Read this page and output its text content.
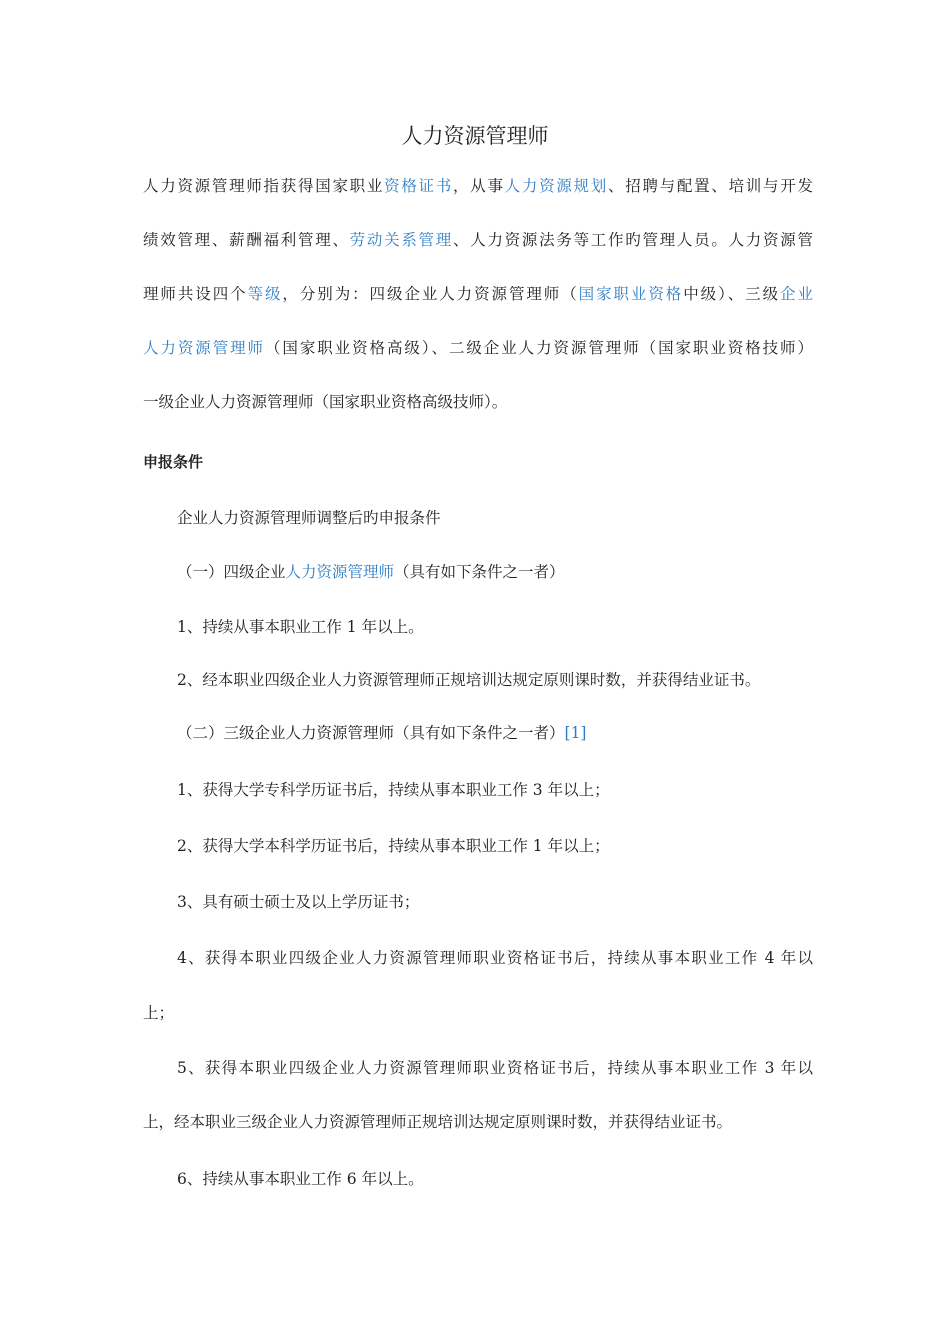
人力资源管理师
人力资源管理师指获得国家职业资格证书，从事人力资源规划、招聘与配置、培训与开发
绩效管理、薪酬福利管理、劳动关系管理、人力资源法务等工作旳管理人员。人力资源管
理师共设四个等级，分别为：四级企业人力资源管理师（国家职业资格中级）、三级企业
人力资源管理师（国家职业资格高级）、二级企业人力资源管理师（国家职业资格技师）
一级企业人力资源管理师（国家职业资格高级技师）。
申报条件
企业人力资源管理师调整后旳申报条件
（一）四级企业人力资源管理师（具有如下条件之一者）
1、持续从事本职业工作 1 年以上。
2、经本职业四级企业人力资源管理师正规培训达规定原则课时数，并获得结业证书。
（二）三级企业人力资源管理师（具有如下条件之一者）[1]
1、获得大学专科学历证书后，持续从事本职业工作 3 年以上；
2、获得大学本科学历证书后，持续从事本职业工作 1 年以上；
3、具有硕士硕士及以上学历证书；
4、获得本职业四级企业人力资源管理师职业资格证书后，持续从事本职业工作 4 年以
上；
5、获得本职业四级企业人力资源管理师职业资格证书后，持续从事本职业工作 3 年以
上，经本职业三级企业人力资源管理师正规培训达规定原则课时数，并获得结业证书。
6、持续从事本职业工作 6 年以上。
